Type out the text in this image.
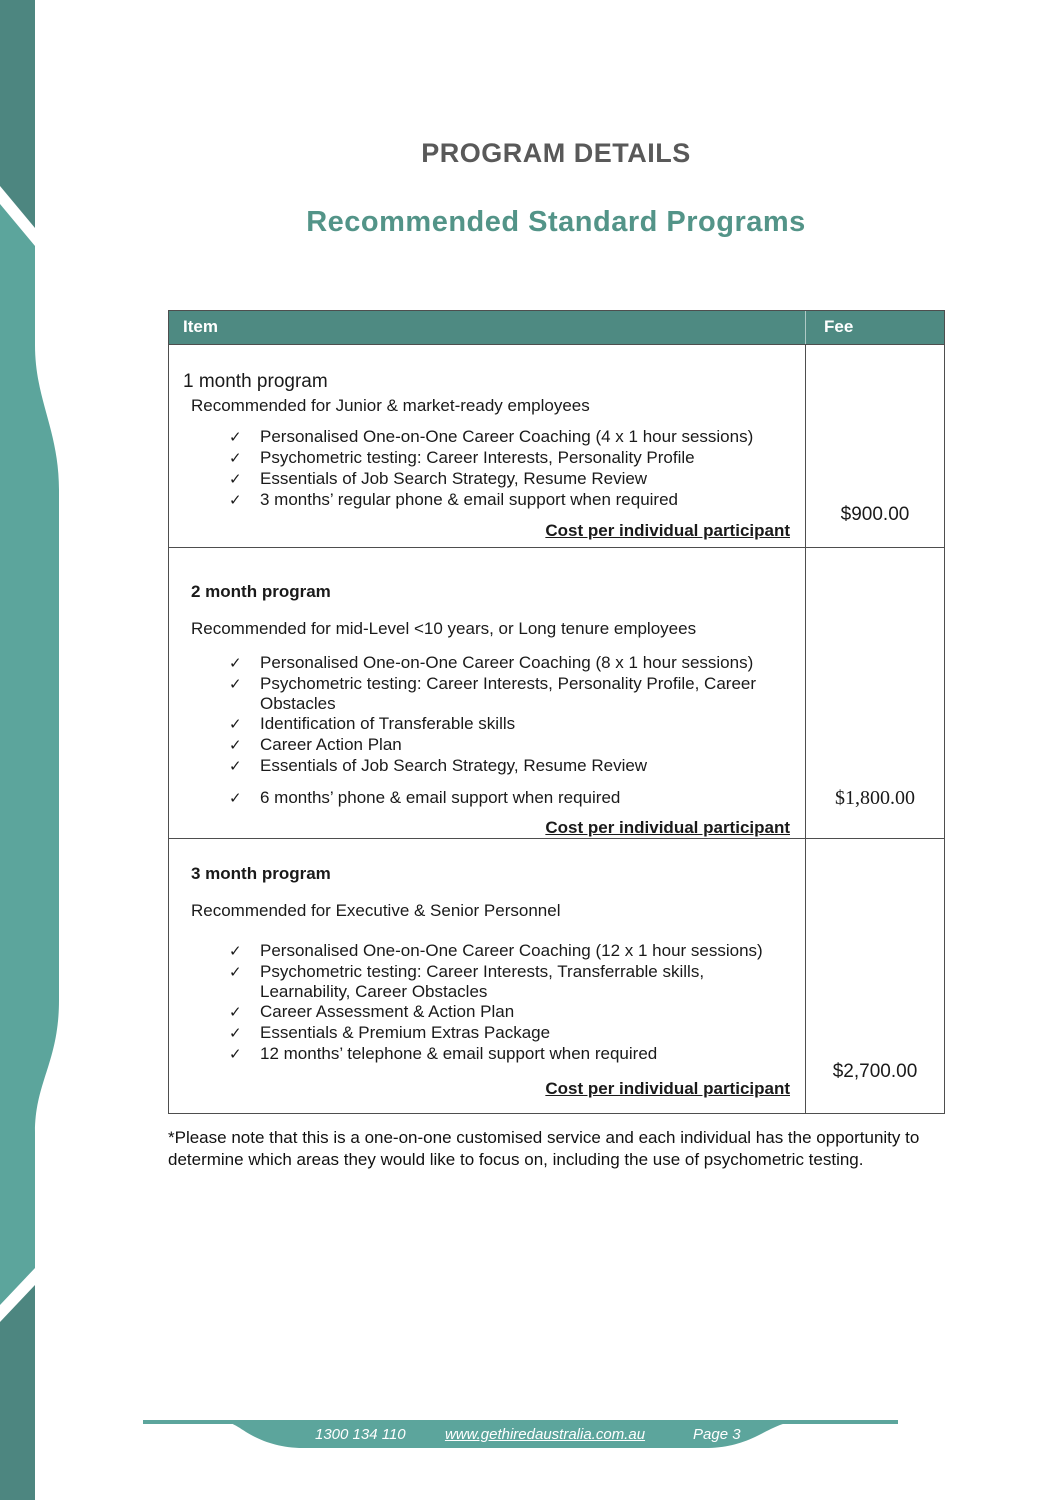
PROGRAM DETAILS
Recommended Standard Programs
Item	Fee

1 month program

Recommended for Junior & market-ready employees

✓	Personalised One-on-One Career Coaching (4 x 1 hour sessions)
✓	Psychometric testing: Career Interests, Personality Profile
✓	Essentials of Job Search Strategy, Resume Review
✓	3 months’ regular phone & email support when required
Cost per individual participant
$900.00

2 month program

Recommended for mid-Level <10 years, or Long tenure employees

✓	Personalised One-on-One Career Coaching (8 x 1 hour sessions)
✓	Psychometric testing: Career Interests, Personality Profile, Career Obstacles
✓	Identification of Transferable skills
✓	Career Action Plan
✓	Essentials of Job Search Strategy, Resume Review
✓	6 months’ phone & email support when required
Cost per individual participant
$1,800.00

3 month program

Recommended for Executive & Senior Personnel

✓	Personalised One-on-One Career Coaching (12 x 1 hour sessions)
✓	Psychometric testing: Career Interests, Transferrable skills, Learnability, Career Obstacles
✓	Career Assessment & Action Plan
✓	Essentials & Premium Extras Package
✓	12 months’ telephone & email support when required
Cost per individual participant
$2,700.00

*Please note that this is a one-on-one customised service and each individual has the opportunity to determine which areas they would like to focus on, including the use of psychometric testing.

1300 134 110	www.gethiredaustralia.com.au	Page 3
